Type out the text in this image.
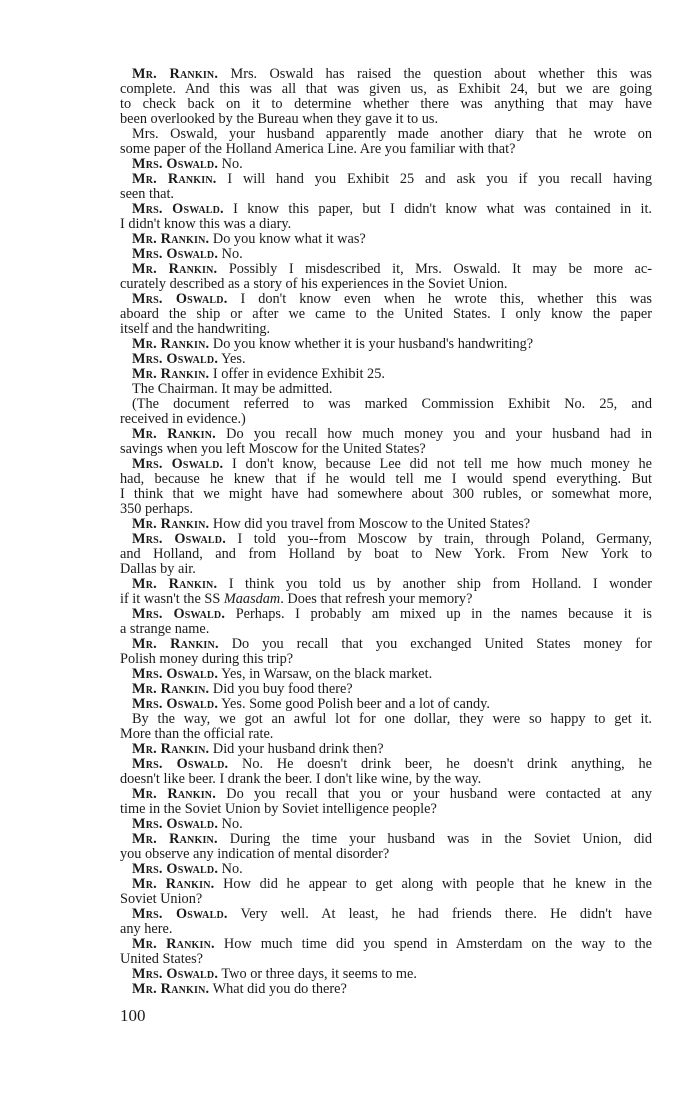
Mr. Rankin. Mrs. Oswald has raised the question about whether this was
complete. And this was all that was given us, as Exhibit 24, but we are going
to check back on it to determine whether there was anything that may have
been overlooked by the Bureau when they gave it to us.
Mrs. Oswald, your husband apparently made another diary that he wrote on
some paper of the Holland America Line. Are you familiar with that?
Mrs. Oswald. No.
Mr. Rankin. I will hand you Exhibit 25 and ask you if you recall having
seen that.
Mrs. Oswald. I know this paper, but I didn't know what was contained in it.
I didn't know this was a diary.
Mr. Rankin. Do you know what it was?
Mrs. Oswald. No.
Mr. Rankin. Possibly I misdescribed it, Mrs. Oswald. It may be more ac-
curately described as a story of his experiences in the Soviet Union.
Mrs. Oswald. I don't know even when he wrote this, whether this was
aboard the ship or after we came to the United States. I only know the paper
itself and the handwriting.
Mr. Rankin. Do you know whether it is your husband's handwriting?
Mrs. Oswald. Yes.
Mr. Rankin. I offer in evidence Exhibit 25.
The Chairman. It may be admitted.
(The document referred to was marked Commission Exhibit No. 25, and
received in evidence.)
Mr. Rankin. Do you recall how much money you and your husband had in
savings when you left Moscow for the United States?
Mrs. Oswald. I don't know, because Lee did not tell me how much money he
had, because he knew that if he would tell me I would spend everything. But
I think that we might have had somewhere about 300 rubles, or somewhat more,
350 perhaps.
Mr. Rankin. How did you travel from Moscow to the United States?
Mrs. Oswald. I told you--from Moscow by train, through Poland, Germany,
and Holland, and from Holland by boat to New York. From New York to
Dallas by air.
Mr. Rankin. I think you told us by another ship from Holland. I wonder
if it wasn't the SS Maasdam. Does that refresh your memory?
Mrs. Oswald. Perhaps. I probably am mixed up in the names because it is
a strange name.
Mr. Rankin. Do you recall that you exchanged United States money for
Polish money during this trip?
Mrs. Oswald. Yes, in Warsaw, on the black market.
Mr. Rankin. Did you buy food there?
Mrs. Oswald. Yes. Some good Polish beer and a lot of candy.
By the way, we got an awful lot for one dollar, they were so happy to get it.
More than the official rate.
Mr. Rankin. Did your husband drink then?
Mrs. Oswald. No. He doesn't drink beer, he doesn't drink anything, he
doesn't like beer. I drank the beer. I don't like wine, by the way.
Mr. Rankin. Do you recall that you or your husband were contacted at any
time in the Soviet Union by Soviet intelligence people?
Mrs. Oswald. No.
Mr. Rankin. During the time your husband was in the Soviet Union, did
you observe any indication of mental disorder?
Mrs. Oswald. No.
Mr. Rankin. How did he appear to get along with people that he knew in the
Soviet Union?
Mrs. Oswald. Very well. At least, he had friends there. He didn't have
any here.
Mr. Rankin. How much time did you spend in Amsterdam on the way to the
United States?
Mrs. Oswald. Two or three days, it seems to me.
Mr. Rankin. What did you do there?
100
